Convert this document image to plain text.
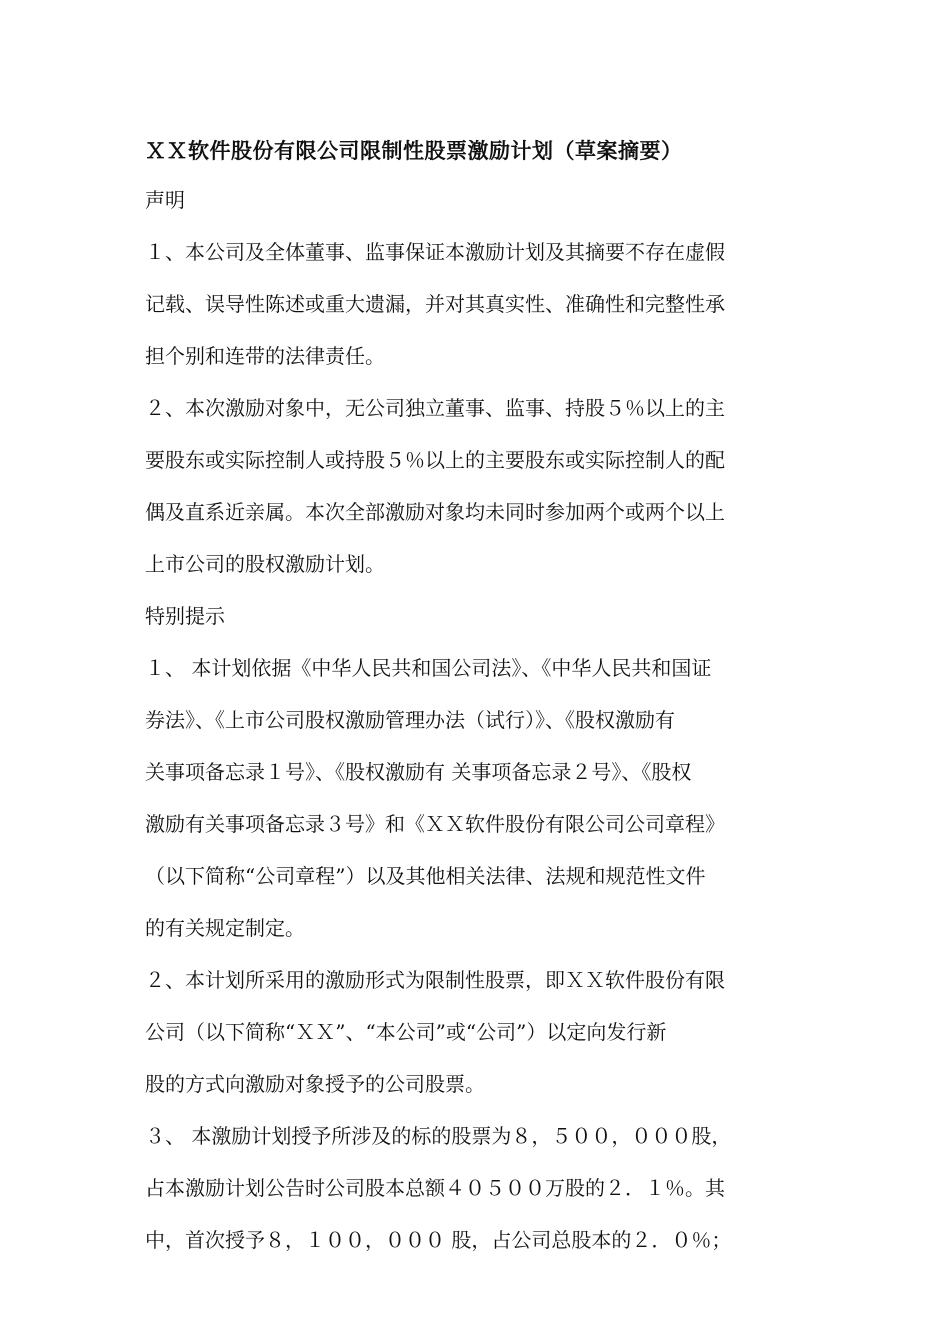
ＸＸ软件股份有限公司限制性股票激励计划（草案摘要）
声明
１、本公司及全体董事、监事保证本激励计划及其摘要不存在虚假
记载、误导性陈述或重大遗漏，并对其真实性、准确性和完整性承
担个别和连带的法律责任。
２、本次激励对象中，无公司独立董事、监事、持股５％以上的主
要股东或实际控制人或持股５％以上的主要股东或实际控制人的配
偶及直系近亲属。本次全部激励对象均未同时参加两个或两个以上
上市公司的股权激励计划。
特别提示
１、 本计划依据《中华人民共和国公司法》、《中华人民共和国证
券法》、《上市公司股权激励管理办法（试行）》、《股权激励有
关事项备忘录１号》、《股权激励有 关事项备忘录２号》、《股权
激励有关事项备忘录３号》和《ＸＸ软件股份有限公司公司章程》
（以下简称“公司章程”）以及其他相关法律、法规和规范性文件
的有关规定制定。
２、本计划所采用的激励形式为限制性股票，即ＸＸ软件股份有限
公司（以下简称“ＸＸ”、“本公司”或“公司”）以定向发行新
股的方式向激励对象授予的公司股票。
３、 本激励计划授予所涉及的标的股票为８，５００，０００股，
占本激励计划公告时公司股本总额４０５００万股的２．１％。其
中，首次授予８，１００，０００ 股，占公司总股本的２．０％；
